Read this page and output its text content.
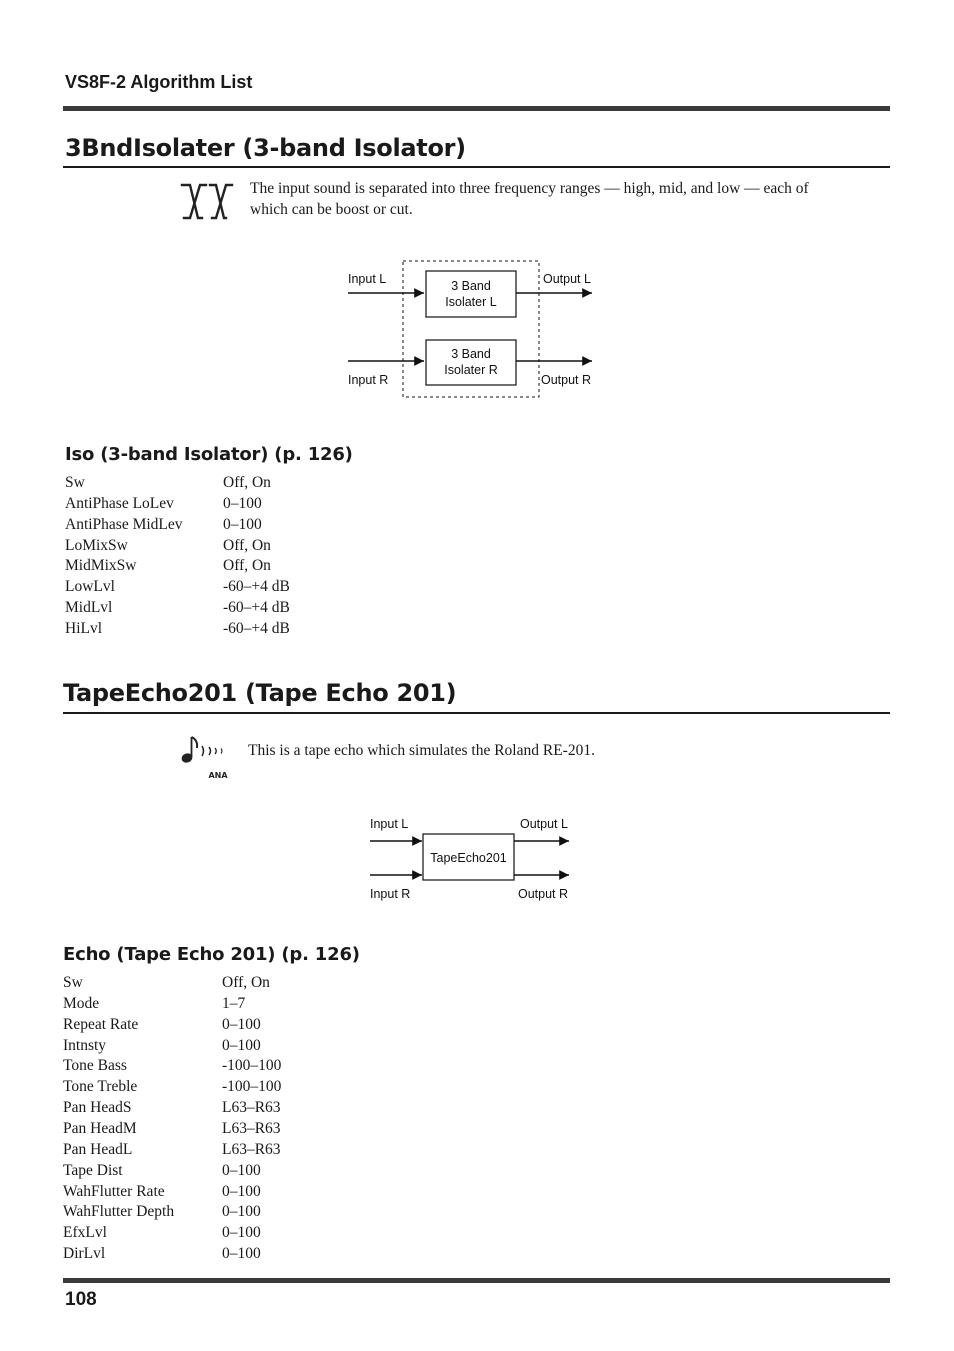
VS8F-2 Algorithm List
3BndIsolater (3-band Isolator)
The input sound is separated into three frequency ranges — high, mid, and low — each of
which can be boost or cut.
Input L
Input R
Output L
Output R
3 Band
Isolater L
3 Band
Isolater R
Iso (3-band Isolator) (p. 126)
Sw	Off, On
AntiPhase LoLev	0–100
AntiPhase MidLev	0–100
LoMixSw	Off, On
MidMixSw	Off, On
LowLvl	-60–+4 dB
MidLvl	-60–+4 dB
HiLvl	-60–+4 dB
TapeEcho201 (Tape Echo 201)
ANA
This is a tape echo which simulates the Roland RE-201.
Input L
Input R
Output L
Output R
TapeEcho201
Echo (Tape Echo 201) (p. 126)
Sw	Off, On
Mode	1–7
Repeat Rate	0–100
Intnsty	0–100
Tone Bass	-100–100
Tone Treble	-100–100
Pan HeadS	L63–R63
Pan HeadM	L63–R63
Pan HeadL	L63–R63
Tape Dist	0–100
WahFlutter Rate	0–100
WahFlutter Depth	0–100
EfxLvl	0–100
DirLvl	0–100
108
